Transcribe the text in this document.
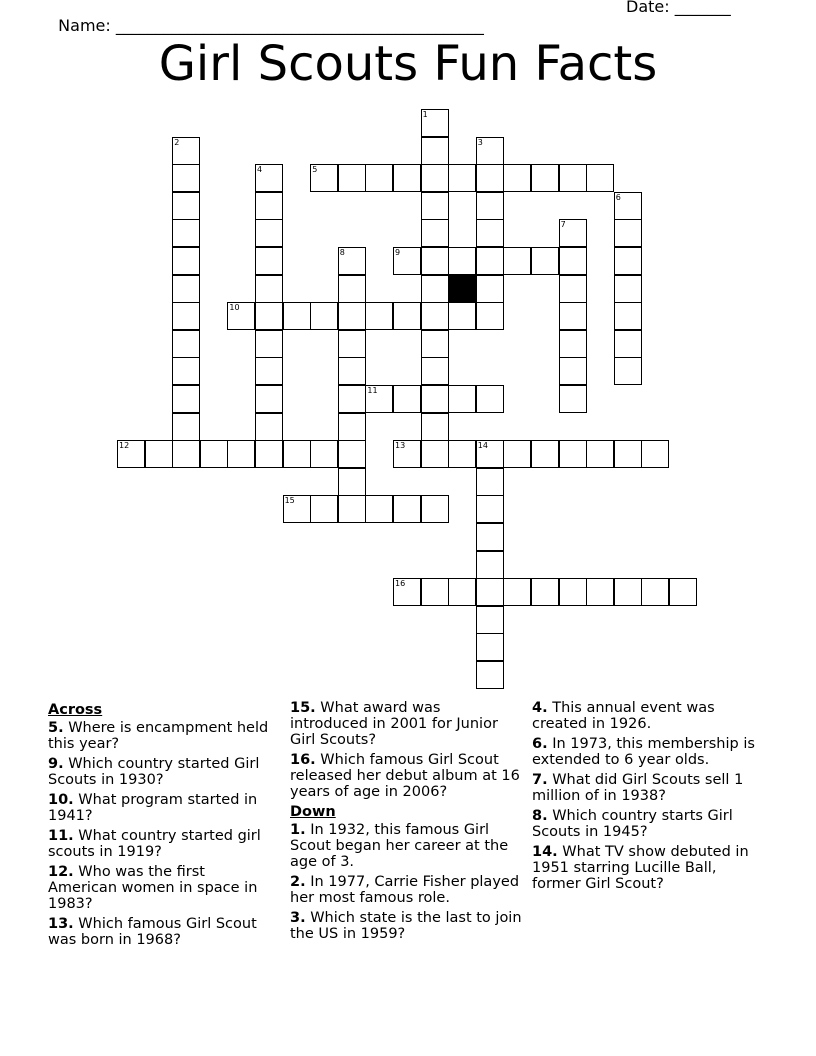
Name: ______________________________________________

Date: _______

Girl Scouts Fun Facts
1
2	3
4	5
6
7
8	9
10
11
12	13	14
15
16
Across
5. Where is encampment held this year?
9. Which country started Girl Scouts in 1930?
10. What program started in 1941?
11. What country started girl scouts in 1919?
12. Who was the first American women in space in 1983?
13. Which famous Girl Scout was born in 1968?
15. What award was introduced in 2001 for Junior Girl Scouts?
16. Which famous Girl Scout released her debut album at 16 years of age in 2006?
Down
1. In 1932, this famous Girl Scout began her career at the age of 3.
2. In 1977, Carrie Fisher played her most famous role.
3. Which state is the last to join the US in 1959?
4. This annual event was created in 1926.
6. In 1973, this membership is extended to 6 year olds.
7. What did Girl Scouts sell 1 million of in 1938?
8. Which country starts Girl Scouts in 1945?
14. What TV show debuted in 1951 starring Lucille Ball, former Girl Scout?
